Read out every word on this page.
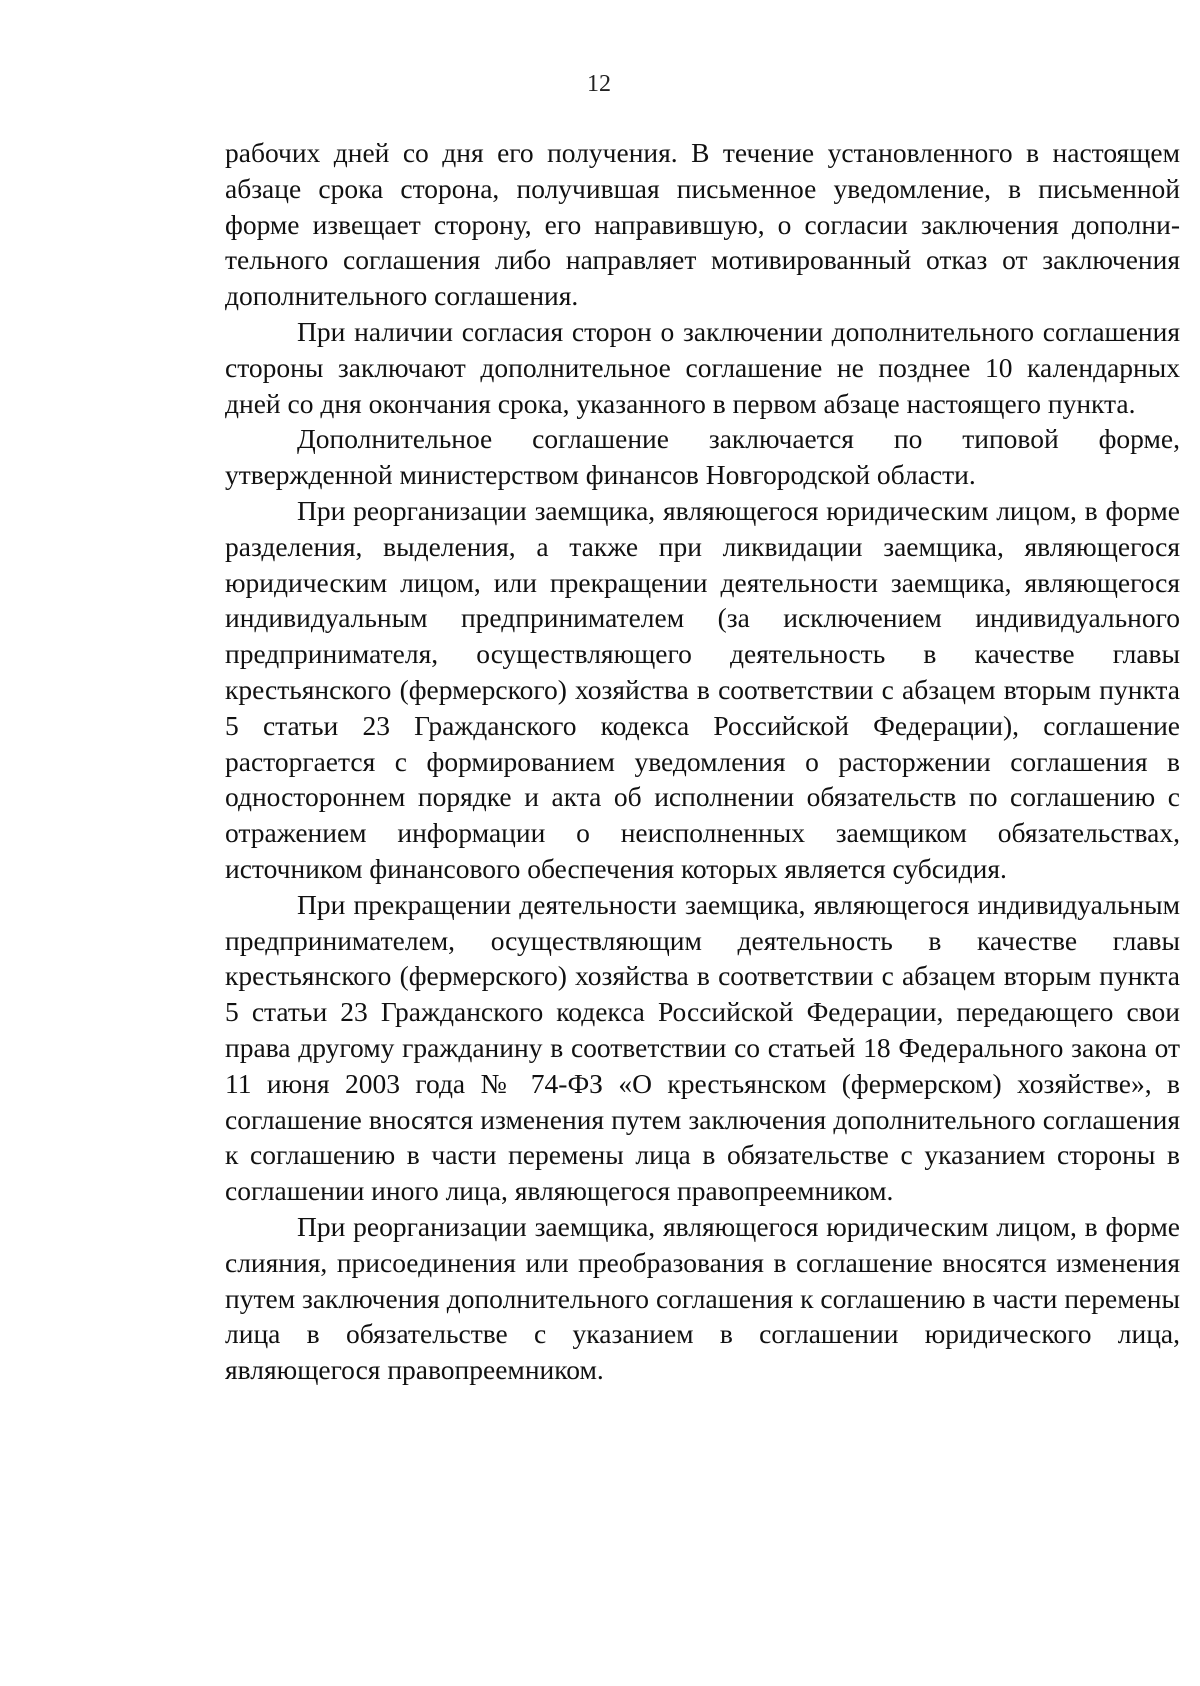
12

рабочих дней со дня его получения. В течение установленного в настоящем абзаце срока сторона, получившая письменное уведомление, в письменной форме извещает сторону, его направившую, о согласии заключения дополнительного соглашения либо направляет мотивированный отказ от заключения дополнительного соглашения.

При наличии согласия сторон о заключении дополнительного соглашения стороны заключают дополнительное соглашение не позднее 10 календарных дней со дня окончания срока, указанного в первом абзаце настоящего пункта.

Дополнительное соглашение заключается по типовой форме, утвержденной министерством финансов Новгородской области.

При реорганизации заемщика, являющегося юридическим лицом, в форме разделения, выделения, а также при ликвидации заемщика, являющегося юридическим лицом, или прекращении деятельности заемщика, являющегося индивидуальным предпринимателем (за исключением индивидуального предпринимателя, осуществляющего деятельность в качестве главы крестьянского (фермерского) хозяйства в соответствии с абзацем вторым пункта 5 статьи 23 Гражданского кодекса Российской Федерации), соглашение расторгается с формированием уведомления о расторжении соглашения в одностороннем порядке и акта об исполнении обязательств по соглашению с отражением информации о неисполненных заемщиком обязательствах, источником финансового обеспечения которых является субсидия.

При прекращении деятельности заемщика, являющегося индивидуальным предпринимателем, осуществляющим деятельность в качестве главы крестьянского (фермерского) хозяйства в соответствии с абзацем вторым пункта 5 статьи 23 Гражданского кодекса Российской Федерации, передающего свои права другому гражданину в соответствии со статьей 18 Федерального закона от 11 июня 2003 года № 74-ФЗ «О крестьянском (фермерском) хозяйстве», в соглашение вносятся изменения путем заключения дополнительного соглашения к соглашению в части перемены лица в обязательстве с указанием стороны в соглашении иного лица, являющегося правопреемником.

При реорганизации заемщика, являющегося юридическим лицом, в форме слияния, присоединения или преобразования в соглашение вносятся изменения путем заключения дополнительного соглашения к соглашению в части перемены лица в обязательстве с указанием в соглашении юридического лица, являющегося правопреемником.
